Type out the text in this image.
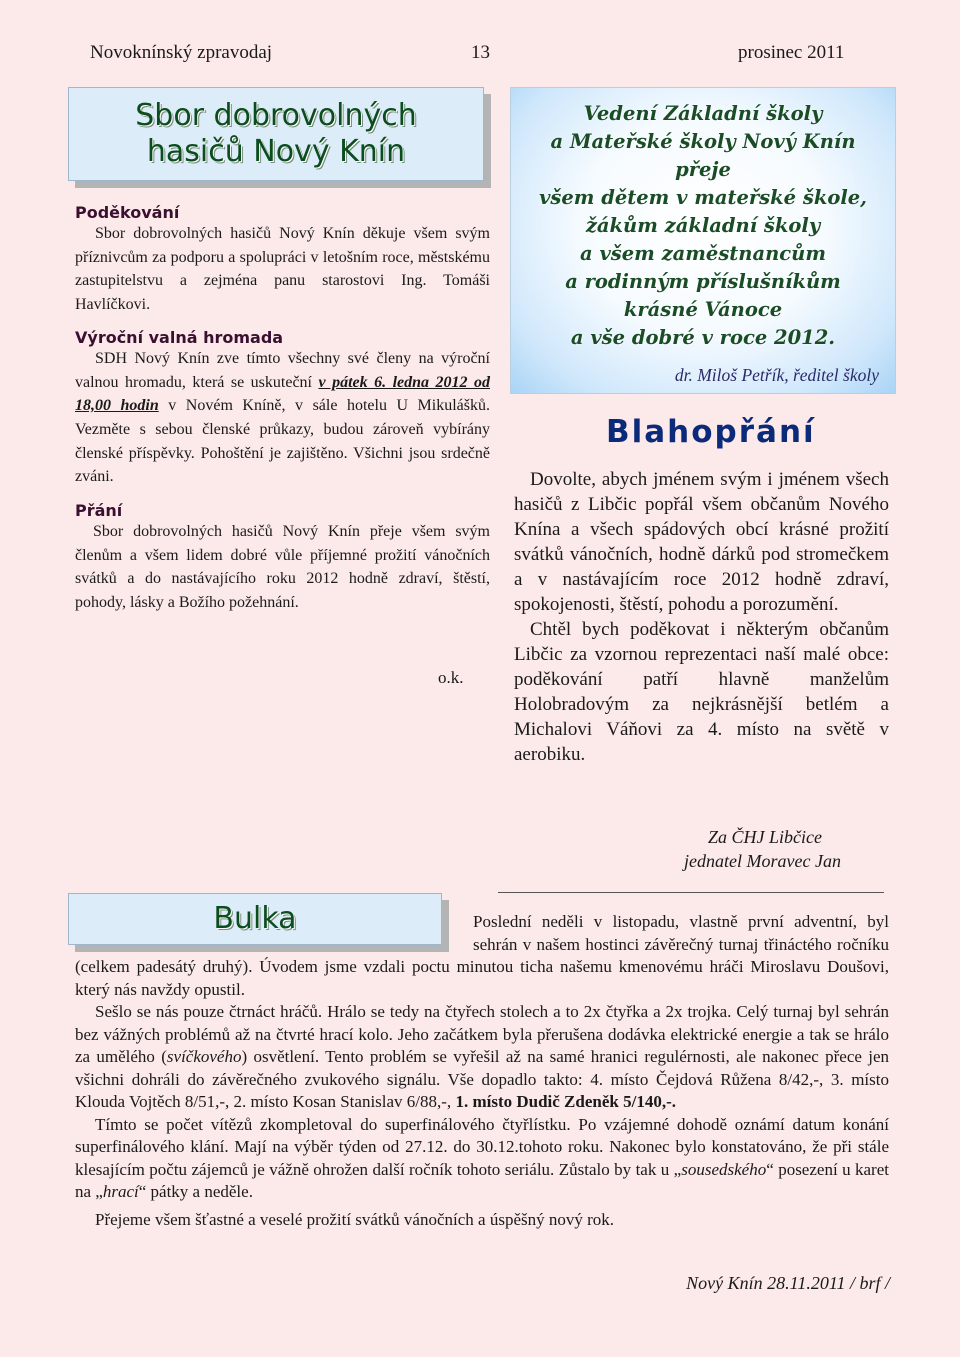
Novoknínský zpravodaj	13	prosinec 2011
Sbor dobrovolných
hasičů Nový Knín
Poděkování
Sbor dobrovolných hasičů Nový Knín děkuje všem svým příznivcům za podporu a spolupráci v letošním roce, městskému zastupitelstvu a zejména panu starostovi Ing. Tomáši Havlíčkovi.
Výroční valná hromada
SDH Nový Knín zve tímto všechny své členy na výroční valnou hromadu, která se uskuteční v pátek 6. ledna 2012 od 18,00 hodin v Novém Kníně, v sále hotelu U Mikulášků. Vezměte s sebou členské průkazy, budou zároveň vybírány členské příspěvky. Pohoštění je zajištěno. Všichni jsou srdečně zváni.
Přání
Sbor dobrovolných hasičů Nový Knín přeje všem svým členům a všem lidem dobré vůle příjemné prožití vánočních svátků a do nastávajícího roku 2012 hodně zdraví, štěstí, pohody, lásky a Božího požehnání.
o.k.
Vedení Základní školy
a Mateřské školy Nový Knín
přeje
všem dětem v mateřské škole,
žákům základní školy
a všem zaměstnancům
a rodinným příslušníkům
krásné Vánoce
a vše dobré v roce 2012.
dr. Miloš Petřík, ředitel školy
Blahopřání
Dovolte, abych jménem svým i jménem všech hasičů z Libčic popřál všem občanům Nového Knína a všech spádových obcí krásné prožití svátků vánočních, hodně dárků pod stromečkem a v nastávajícím roce 2012 hodně zdraví, spokojenosti, štěstí, pohodu a porozumění.
Chtěl bych poděkovat i některým občanům Libčic za vzornou reprezentaci naší malé obce: poděkování patří hlavně manželům Holobradovým za nejkrásnější betlém a Michalovi Váňovi za 4. místo na světě v aerobiku.
Za ČHJ Libčice
jednatel Moravec Jan
Bulka	Poslední neděli v listopadu, vlastně první adventní, byl sehrán v našem hostinci závěrečný turnaj třináctého ročníku (celkem padesátý druhý). Úvodem jsme vzdali poctu minutou ticha našemu kmenovému hráči Miroslavu Doušovi, který nás navždy opustil.
Sešlo se nás pouze čtrnáct hráčů. Hrálo se tedy na čtyřech stolech a to 2x čtyřka a 2x trojka. Celý turnaj byl sehrán bez vážných problémů až na čtvrté hrací kolo. Jeho začátkem byla přerušena dodávka elektrické energie a tak se hrálo za umělého (svíčkového) osvětlení. Tento problém se vyřešil až na samé hranici regulérnosti, ale nakonec přece jen všichni dohráli do závěrečného zvukového signálu. Vše dopadlo takto: 4. místo Čejdová Růžena 8/42,-, 3. místo Klouda Vojtěch 8/51,-, 2. místo Kosan Stanislav 6/88,-, 1. místo Dudič Zdeněk 5/140,-.
Tímto se počet vítězů zkompletoval do superfinálového čtyřlístku. Po vzájemné dohodě oznámí datum konání superfinálového klání. Mají na výběr týden od 27.12. do 30.12.tohoto roku. Nakonec bylo konstatováno, že při stále klesajícím počtu zájemců je vážně ohrožen další ročník tohoto seriálu. Zůstalo by tak u „sousedského“ posezení u karet na „hrací“ pátky a neděle.
Přejeme všem šťastné a veselé prožití svátků vánočních a úspěšný nový rok.
Nový Knín 28.11.2011 / brf /
